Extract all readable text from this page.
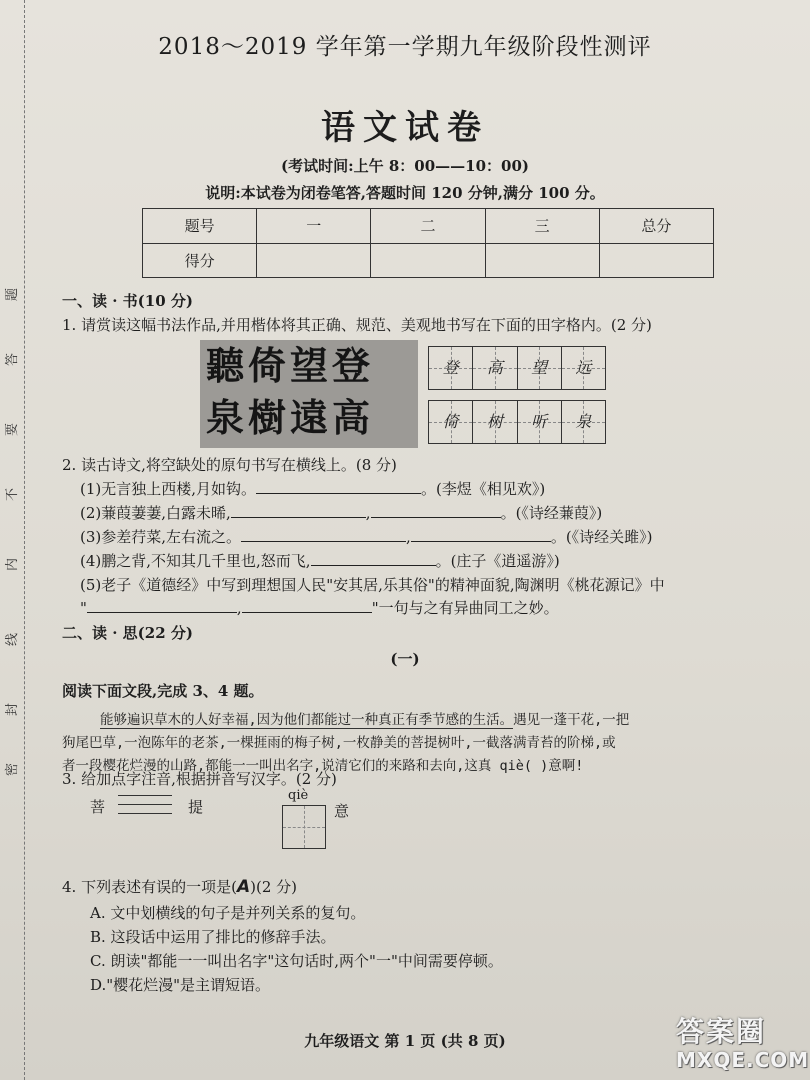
密
封
线
内
不
要
答
题
2018～2019 学年第一学期九年级阶段性测评
语文试卷
(考试时间:上午 8：00——10：00)
说明:本试卷为闭卷笔答,答题时间 120 分钟,满分 100 分。
题号	一	二	三	总分
得分				
一、读 · 书(10 分)
1. 请赏读这幅书法作品,并用楷体将其正确、规范、美观地书写在下面的田字格内。(2 分)
聽倚望登
泉樹遠高
登	高	望	远
倚	树	听	泉
2. 读古诗文,将空缺处的原句书写在横线上。(8 分)
(1)无言独上西楼,月如钩。	。(李煜《相见欢》)
(2)蒹葭萋萋,白露未晞,	,	。(《诗经蒹葭》)
(3)参差荇菜,左右流之。	,	。(《诗经关雎》)
(4)鹏之背,不知其几千里也,怒而飞,	。(庄子《逍遥游》)
(5)老子《道德经》中写到理想国人民"安其居,乐其俗"的精神面貌,陶渊明《桃花源记》中
"	,	"一句与之有异曲同工之妙。
二、读 · 思(22 分)
(一)
阅读下面文段,完成 3、4 题。
能够遍识草木的人好幸福,因为他们都能过一种真正有季节感的生活。遇见一蓬干花,一把
狗尾巴草,一泡陈年的老茶,一棵捱雨的梅子树,一枚静美的菩提树叶,一截落满青苔的阶梯,或
者一段樱花烂漫的山路,都能一一叫出名字,说清它们的来路和去向,这真 qiè( )意啊!
3. 给加点字注音,根据拼音写汉字。(2 分)
菩	提
qiè
意
4. 下列表述有误的一项是(A)(2 分)
A. 文中划横线的句子是并列关系的复句。
B. 这段话中运用了排比的修辞手法。
C. 朗读"都能一一叫出名字"这句话时,两个"一"中间需要停顿。
D."樱花烂漫"是主谓短语。
九年级语文 第 1 页 (共 8 页)	答案圈
MXQE.COM
